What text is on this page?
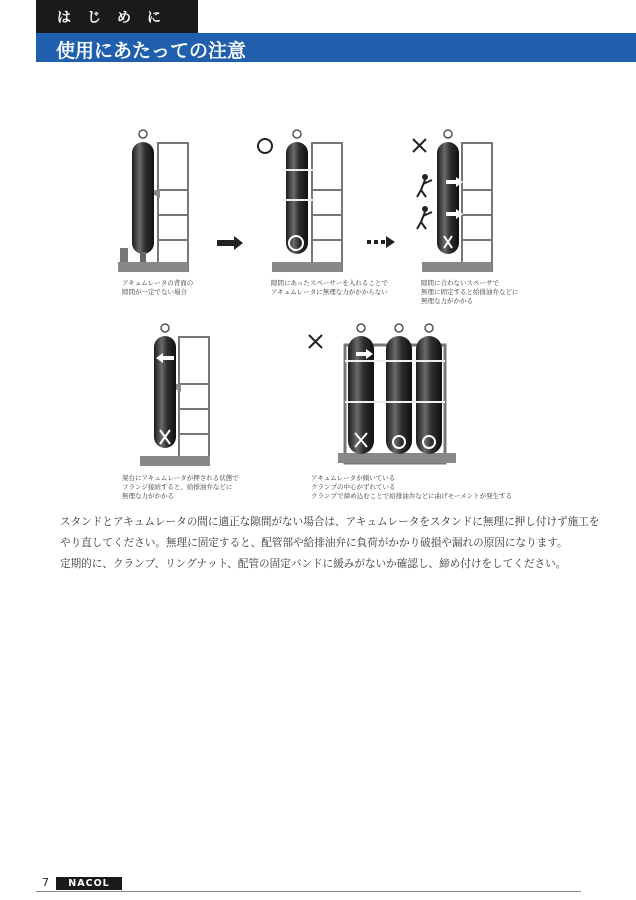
はじめに
使用にあたっての注意
アキュムレータの背面の
隙間が一定でない場合
隙間にあったスペーサーを入れることで
アキュムレータに無理な力がかからない
隙間に合わないスペーサで
無理に固定すると給排油弁などに
無理な力がかかる
架台にアキュムレータが押される状態で
フランジ接続すると、給排油弁などに
無理な力がかかる
アキュムレータが傾いている
クランプの中心がずれている
クランプで締め込むことで給排油弁などに曲げモーメントが発生する
スタンドとアキュムレータの間に適正な隙間がない場合は、アキュムレータをスタンドに無理に押し付けず施工を
やり直してください。無理に固定すると、配管部や給排油弁に負荷がかかり破損や漏れの原因になります。
定期的に、クランプ、リングナット、配管の固定バンドに緩みがないか確認し、締め付けをしてください。
7	NACOL
